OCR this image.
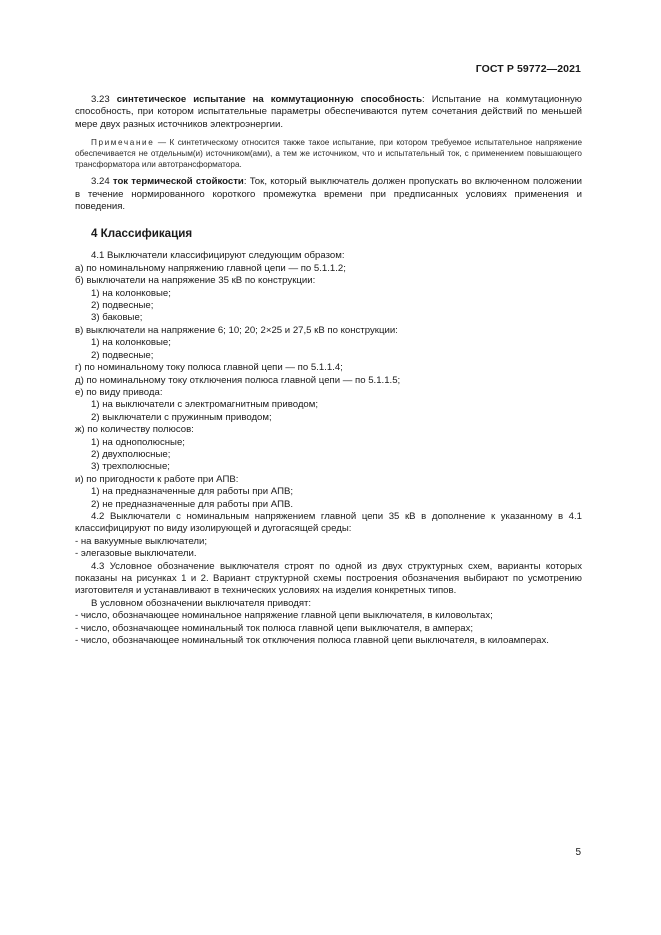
ГОСТ Р 59772—2021

3.23 синтетическое испытание на коммутационную способность: Испытание на коммутационную способность, при котором испытательные параметры обеспечиваются путем сочетания действий по меньшей мере двух разных источников электроэнергии.

Примечание — К синтетическому относится также такое испытание, при котором требуемое испытательное напряжение обеспечивается не отдельным(и) источником(ами), а тем же источником, что и испытательный ток, с применением повышающего трансформатора или автотрансформатора.

3.24 ток термической стойкости: Ток, который выключатель должен пропускать во включенном положении в течение нормированного короткого промежутка времени при предписанных условиях применения и поведения.

4 Классификация

4.1 Выключатели классифицируют следующим образом:

а) по номинальному напряжению главной цепи — по 5.1.1.2;

б) выключатели на напряжение 35 кВ по конструкции:

1) на колонковые;

2) подвесные;

3) баковые;

в) выключатели на напряжение 6; 10; 20; 2×25 и 27,5 кВ по конструкции:

1) на колонковые;

2) подвесные;

г) по номинальному току полюса главной цепи — по 5.1.1.4;

д) по номинальному току отключения полюса главной цепи — по 5.1.1.5;

е) по виду привода:

1) на выключатели с электромагнитным приводом;

2) выключатели с пружинным приводом;

ж) по количеству полюсов:

1) на однополюсные;

2) двухполюсные;

3) трехполюсные;

и) по пригодности к работе при АПВ:

1) на предназначенные для работы при АПВ;

2) не предназначенные для работы при АПВ.

4.2 Выключатели с номинальным напряжением главной цепи 35 кВ в дополнение к указанному в 4.1 классифицируют по виду изолирующей и дугогасящей среды:

- на вакуумные выключатели;

- элегазовые выключатели.

4.3 Условное обозначение выключателя строят по одной из двух структурных схем, варианты которых показаны на рисунках 1 и 2. Вариант структурной схемы построения обозначения выбирают по усмотрению изготовителя и устанавливают в технических условиях на изделия конкретных типов.

В условном обозначении выключателя приводят:

- число, обозначающее номинальное напряжение главной цепи выключателя, в киловольтах;

- число, обозначающее номинальный ток полюса главной цепи выключателя, в амперах;

- число, обозначающее номинальный ток отключения полюса главной цепи выключателя, в килоамперах.

5
